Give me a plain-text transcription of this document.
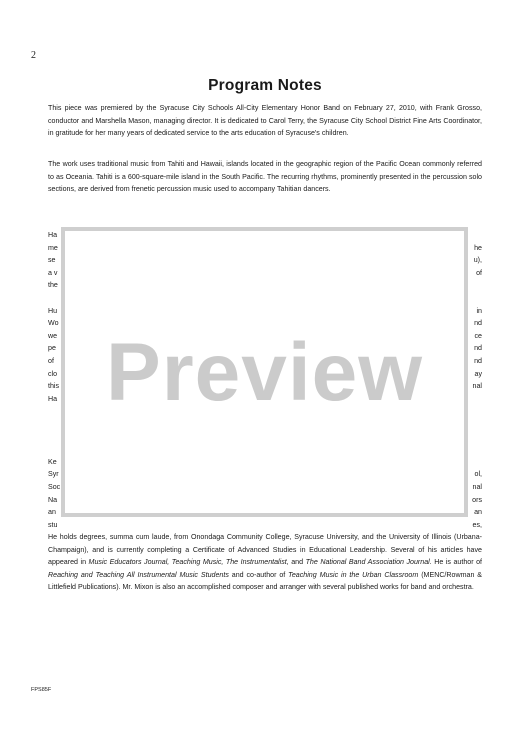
2
Program Notes
This piece was premiered by the Syracuse City Schools All-City Elementary Honor Band on February 27, 2010, with Frank Grosso, conductor and Marshella Mason, managing director. It is dedicated to Carol Terry, the Syracuse City School District Fine Arts Coordinator, in gratitude for her many years of dedicated service to the arts education of Syracuse's children.
The work uses traditional music from Tahiti and Hawaii, islands located in the geographic region of the Pacific Ocean commonly referred to as Oceania. Tahiti is a 600-square-mile island in the South Pacific. The recurring rhythms, prominently presented in the percussion solo sections, are derived from frenetic percussion music used to accompany Tahitian dancers.
Preview
He holds degrees, summa cum laude, from Onondaga Community College, Syracuse University, and the University of Illinois (Urbana-Champaign), and is currently completing a Certificate of Advanced Studies in Educational Leadership. Several of his articles have appeared in Music Educators Journal, Teaching Music, The Instrumentalist, and The National Band Association Journal. He is author of Reaching and Teaching All Instrumental Music Students and co-author of Teaching Music in the Urban Classroom (MENC/Rowman & Littlefield Publications). Mr. Mixon is also an accomplished composer and arranger with several published works for band and orchestra.
FPS85F
Ha
me
se
a v
the
Hu
Wo
we
pe
of
clo
this
Ha
Ke
Syr
Soc
Na
an
stu
he
u),
of
in
nd
ce
nd
nd
ay
nal
ol,
nal
ors
an
es,
